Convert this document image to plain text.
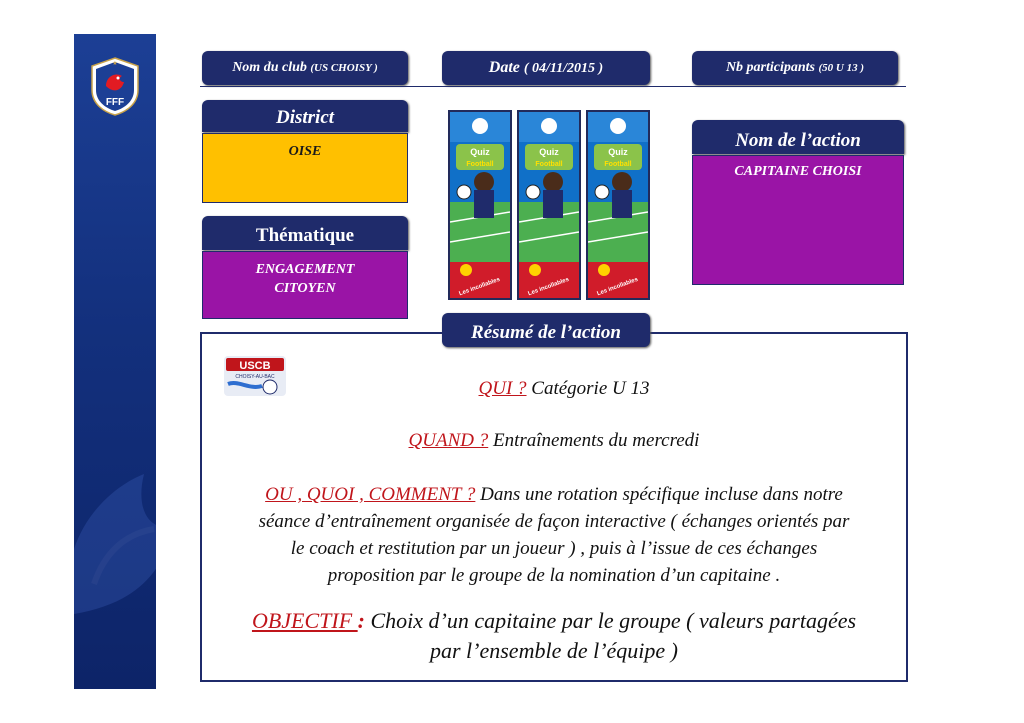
FFF
★	Nom du club (US CHOISY )	Date ( 04/11/2015 )	Nb participants (50 U 13 )
District
OISE
Thématique
ENGAGEMENT
CITOYEN
Nom de l’action
CAPITAINE CHOISI
Quiz
Football
Les incollables
Quiz
Football
Les incollables
Quiz
Football
Les incollables
USCB
CHOISY-AU-BAC
QUI ? Catégorie U 13
QUAND ? Entraînements du mercredi
OU , QUOI , COMMENT ? Dans une rotation spécifique incluse dans notre
séance d’entraînement organisée de façon interactive ( échanges orientés par
le coach et restitution par un joueur ) , puis à l’issue de ces échanges
proposition par le groupe de la nomination d’un capitaine .
OBJECTIF : Choix d’un capitaine par le groupe ( valeurs partagées
par l’ensemble de l’équipe )
Résumé de l’action
